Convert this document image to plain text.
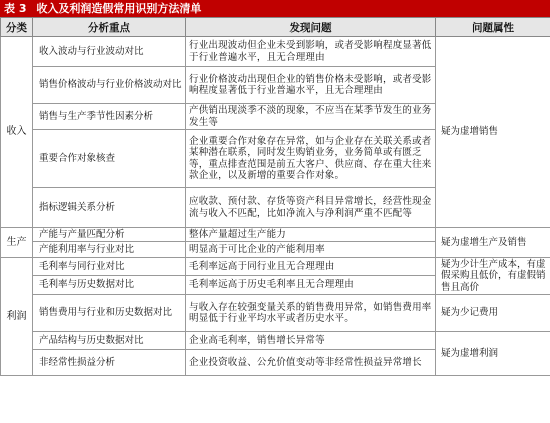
表 3 收入及利润造假常用识别方法清单
分类	分析重点	发现问题	问题属性
收入	收入波动与行业波动对比	行业出现波动但企业未受到影响，或者受影响程度显著低于行业普遍水平，且无合理理由	疑为虚增销售
	销售价格波动与行业价格波动对比	行业价格波动出现但企业的销售价格未受影响，或者受影响程度显著低于行业普遍水平，且无合理理由	
	销售与生产季节性因素分析	产供销出现淡季不淡的现象，不应当在某季节发生的业务发生等	
	重要合作对象核查	企业重要合作对象存在异常，如与企业存在关联关系或者某种潜在联系，同时发生购销业务，业务简单或有匮乏等，重点排查范围是前五大客户、供应商、存在重大往来款企业，以及新增的重要合作对象。	
	指标逻辑关系分析	应收款、预付款、存货等资产科目异常增长，经营性现金流与收入不匹配，比如净流入与净利润严重不匹配等	
生产	产能与产量匹配分析	整体产量超过生产能力	疑为虚增生产及销售
	产能利用率与行业对比	明显高于可比企业的产能利用率	
利润	毛利率与同行业对比	毛利率远高于同行业且无合理理由	疑为少计生产成本，有虚假采购且低价，有虚假销售且高价
	毛利率与历史数据对比	毛利率远高于历史毛利率且无合理理由	
	销售费用与行业和历史数据对比	与收入存在较强变量关系的销售费用异常，如销售费用率明显低于行业平均水平或者历史水平。	疑为少记费用
	产品结构与历史数据对比	企业高毛利率，销售增长异常等	疑为虚增利润
	非经常性损益分析	企业投资收益、公允价值变动等非经常性损益异常增长	
